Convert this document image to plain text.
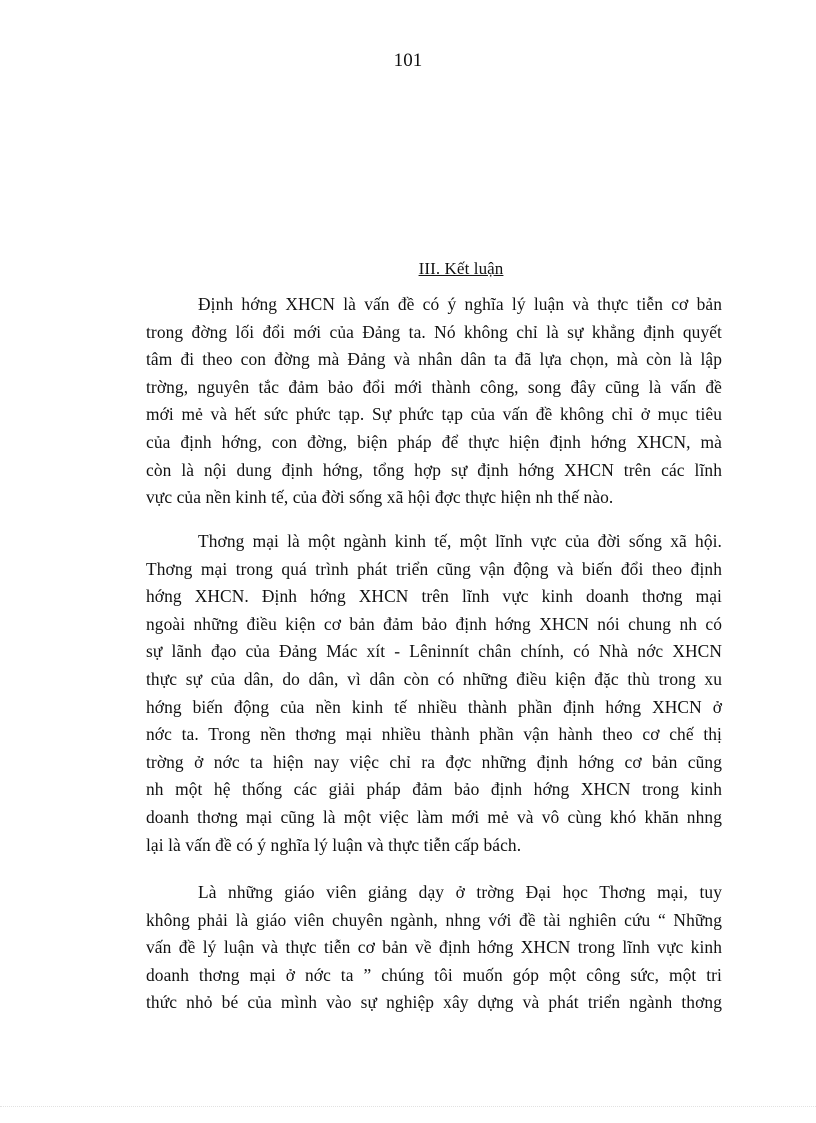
101
III. Kết luận
Định hớng XHCN là vấn đề có ý nghĩa lý luận và thực tiễn cơ bản
trong đờng lối đổi mới của Đảng ta. Nó không chỉ là sự khẳng định quyết
tâm đi theo con đờng mà Đảng và nhân dân ta đã lựa chọn, mà còn là lập
trờng, nguyên tắc đảm bảo đổi mới thành công, song đây cũng là vấn đề
mới mẻ và hết sức phức tạp. Sự phức tạp của vấn đề không chỉ ở mục tiêu
của định hớng, con đờng, biện pháp để thực hiện định hớng XHCN, mà
còn là nội dung định hớng, tổng hợp sự định hớng XHCN trên các lĩnh
vực của nền kinh tế, của đời sống xã hội đợc thực hiện nh thế nào.
Thơng mại là một ngành kinh tế, một lĩnh vực của đời sống xã hội.
Thơng mại trong quá trình phát triển cũng vận động và biến đổi theo định
hớng XHCN. Định hớng XHCN trên lĩnh vực kinh doanh thơng mại
ngoài những điều kiện cơ bản đảm bảo định hớng XHCN nói chung nh có
sự lãnh đạo của Đảng Mác xít - Lêninnít chân chính, có Nhà nớc XHCN
thực sự của dân, do dân, vì dân còn có những điều kiện đặc thù trong xu
hớng biến động của nền kinh tế nhiều thành phần định hớng XHCN ở
nớc ta. Trong nền thơng mại nhiều thành phần vận hành theo cơ chế thị
trờng ở nớc ta hiện nay việc chỉ ra đợc những định hớng cơ bản cũng
nh một hệ thống các giải pháp đảm bảo định hớng XHCN trong kinh
doanh thơng mại cũng là một việc làm mới mẻ và vô cùng khó khăn nhng
lại là vấn đề có ý nghĩa lý luận và thực tiễn cấp bách.
Là những giáo viên giảng dạy ở trờng Đại học Thơng mại, tuy
không phải là giáo viên chuyên ngành, nhng với đề tài nghiên cứu “ Những
vấn đề lý luận và thực tiễn cơ bản về định hớng XHCN trong lĩnh vực kinh
doanh thơng mại ở nớc ta ” chúng tôi muốn góp một công sức, một tri
thức nhỏ bé của mình vào sự nghiệp xây dựng và phát triển ngành thơng
